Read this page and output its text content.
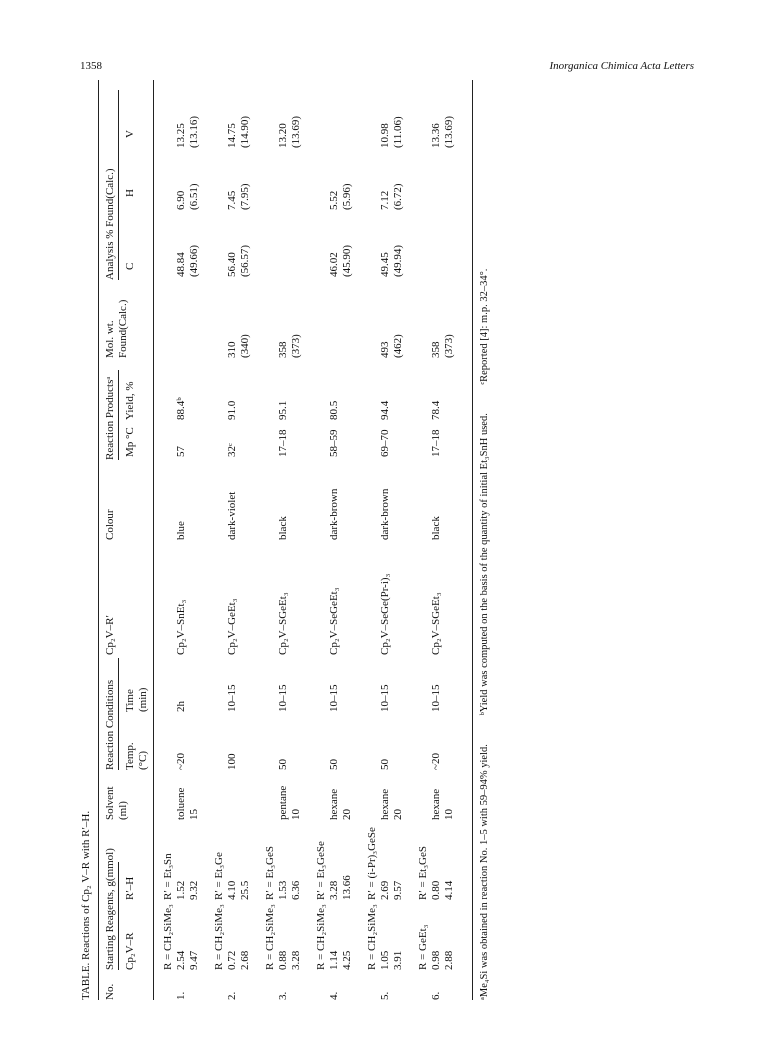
1358	Inorganica Chimica Acta Letters
TABLE. Reactions of Cp₂ V–R with R′–H. No.
Starting Reagents, g(mmol)
Solvent
Reaction Conditions
Cp₂V–R′
Colour
Reaction Productsᵃ
Mol. wt.
Analysis % Found(Calc.)
Cp₂V–R
R′–H
(ml)
Temp. (°C)
Time (min)
Mp °C
Yield, %
Found(Calc.)
C
H
V
1.
R = CH₂SiMe₃ 2.54 9.47
R′ = Et₃Sn 1.52 9.32
toluene 15
~20
2h
Cp₂V–SnEt₃
blue
57
88.4ᵇ
48.84 (49.66)
6.90 (6.51)
13.25 (13.16)
2.
R = CH₂SiMe₃ 0.72 2.68
R′ = Et₃Ge 4.10 25.5
100
10–15
Cp₂V–GeEt₃
dark-violet
32ᶜ
91.0
310 (340)
56.40 (56.57)
7.45 (7.95)
14.75 (14.90)
3.
R = CH₂SiMe₃ 0.88 3.28
R′ = Et₃GeS 1.53 6.36
pentane 10
50
10–15
Cp₂V–SGeEt₃
black
17–18
95.1
358 (373)
13.20 (13.69)
4.
R = CH₂SiMe₃ 1.14 4.25
R′ = Et₃GeSe 3.28 13.66
hexane 20
50
10–15
Cp₂V–SeGeEt₃
dark-brown
58–59
80.5
46.02 (45.90)
5.52 (5.96)
5.
R = CH₂SiMe₃ 1.05 3.91
R′ = (i-Pr)₃GeSe 2.69 9.57
hexane 20
50
10–15
Cp₂V–SeGe(Pr-i)₃
dark-brown
69–70
94.4
493 (462)
49.45 (49.94)
7.12 (6.72)
10.98 (11.06)
6.
R = GeEt₃ 0.98 2.88
R′ = Et₃GeS 0.80 4.14
hexane 10
~20
10–15
Cp₂V–SGeEt₃
black
17–18
78.4
358 (373)
13.36 (13.69)
ᵃMe₄Si was obtained in reaction No. 1–5 with 59–94% yield. ᵇYield was computed on the basis of the quantity of initial Et₃SnH used. ᶜReported [4]: m.p. 32–34°.
